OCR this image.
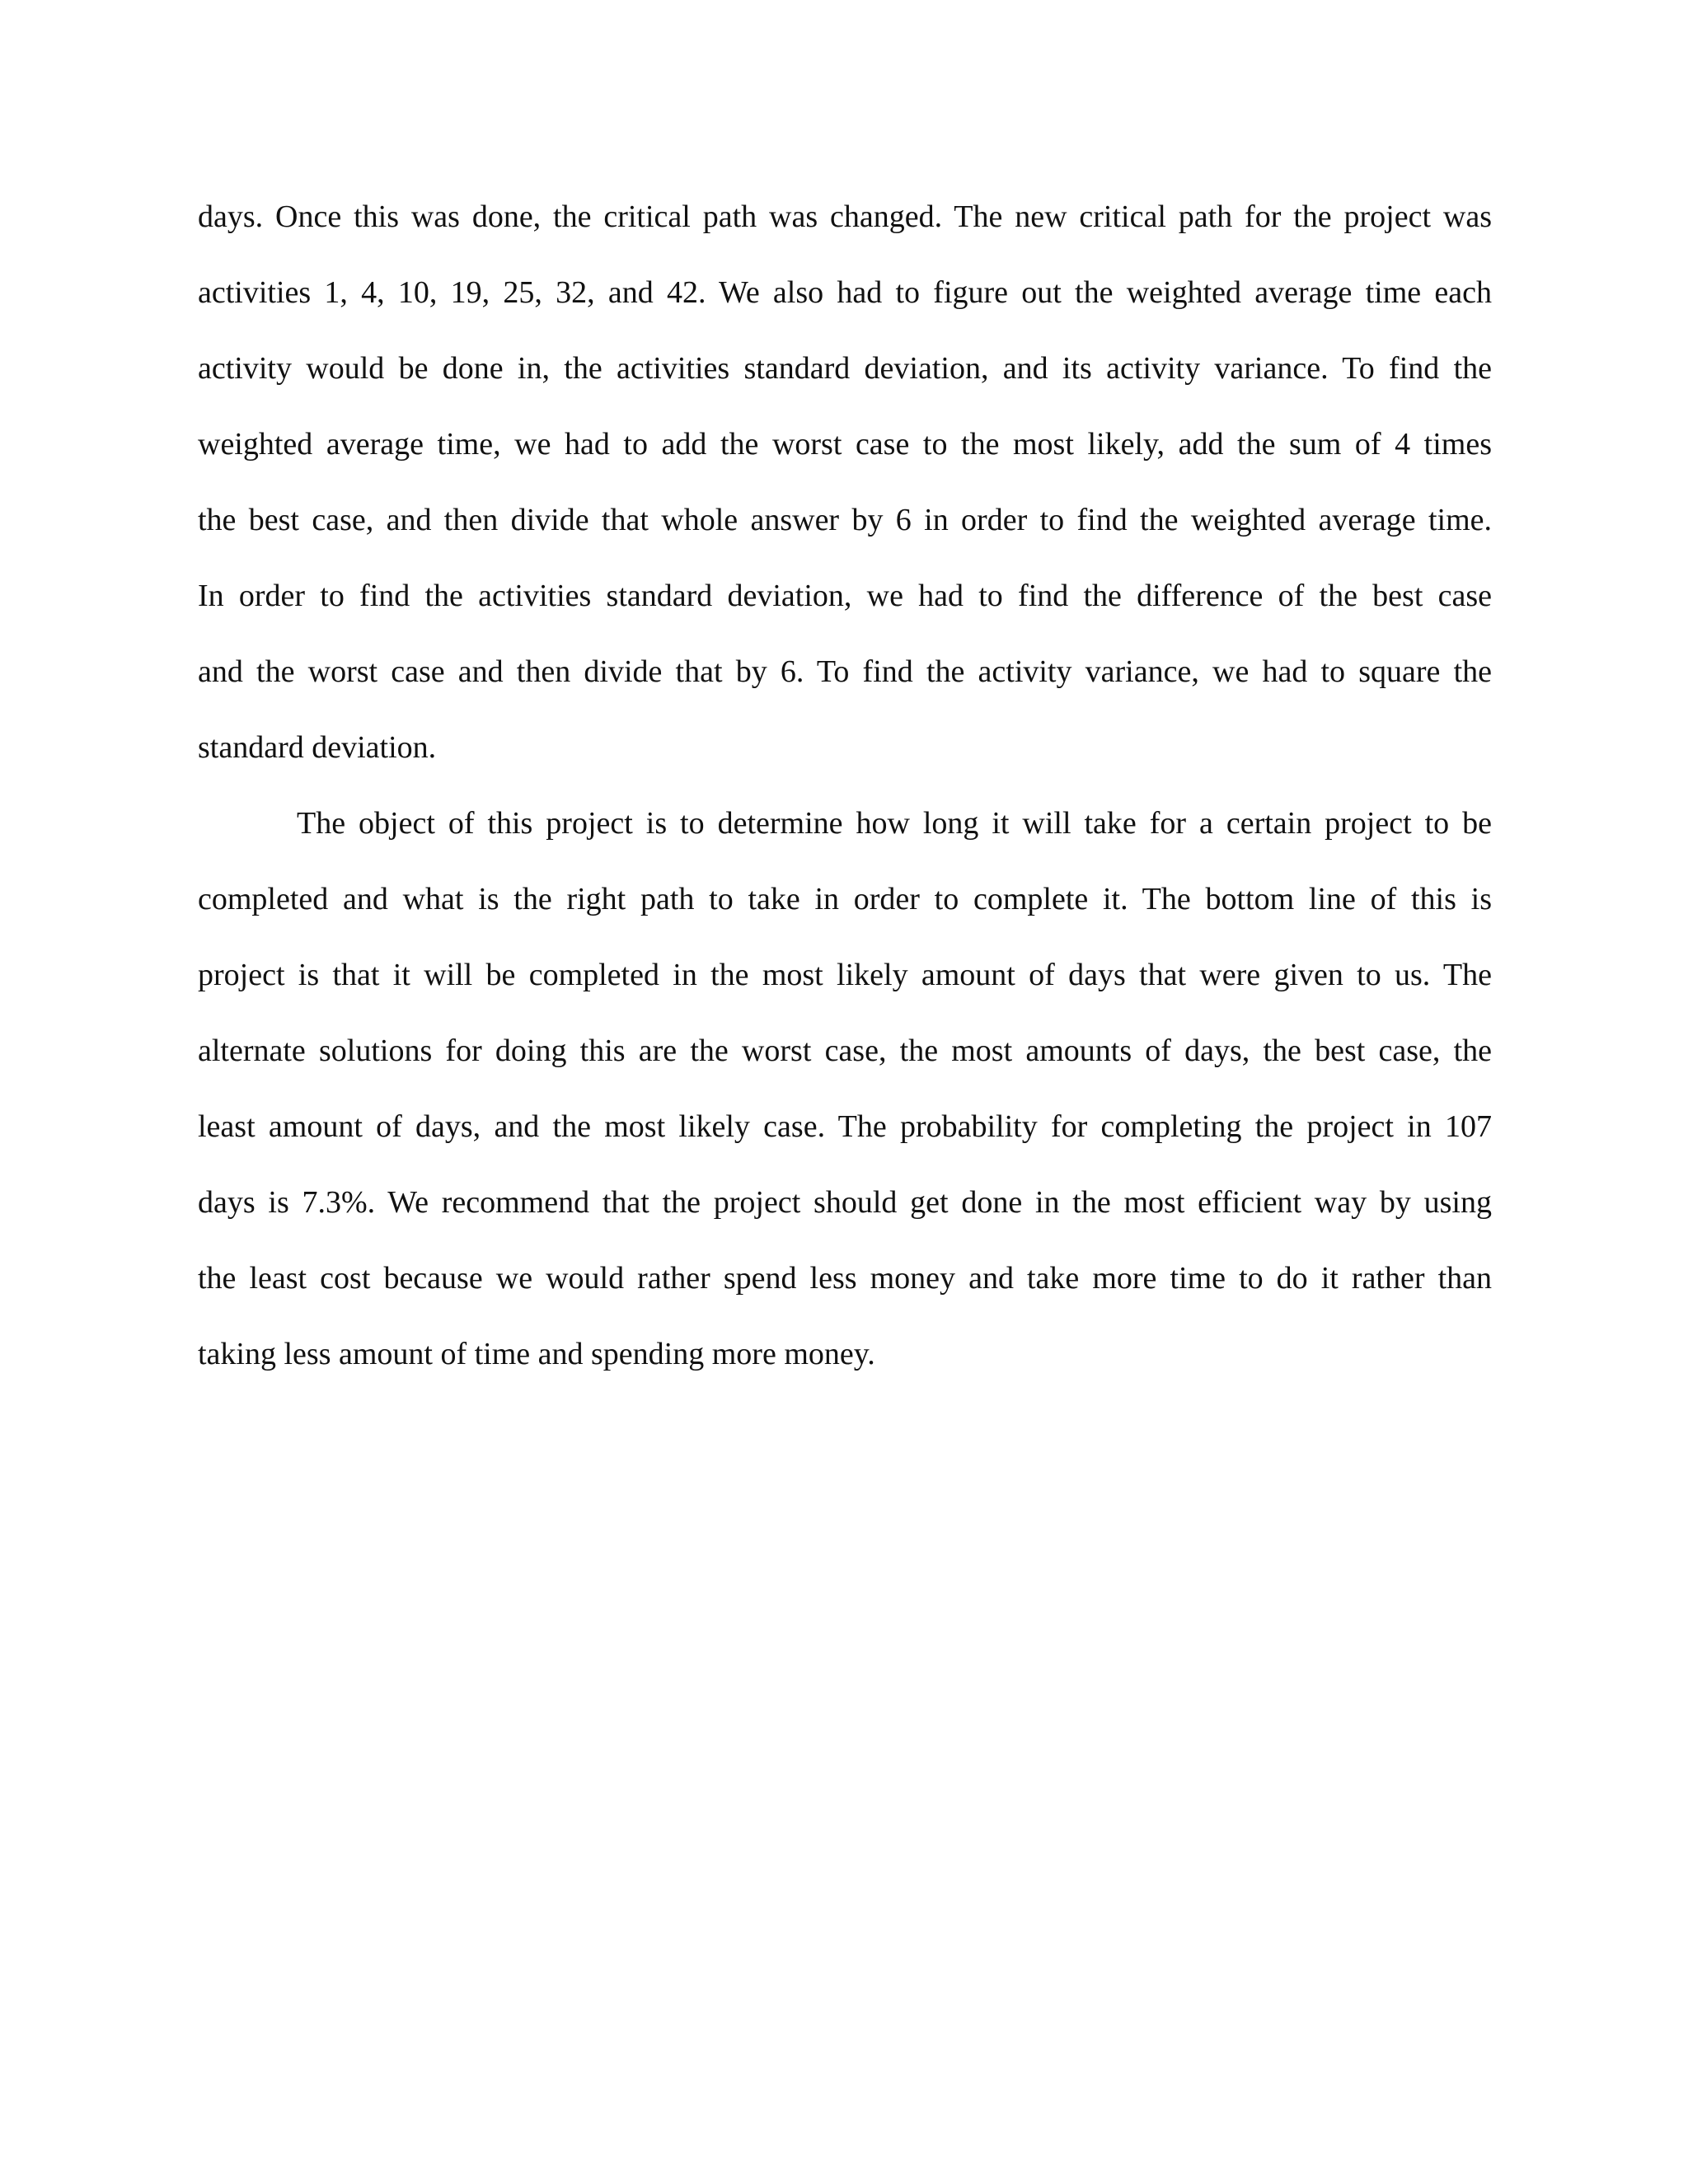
days. Once this was done, the critical path was changed. The new critical path for the project was
activities 1, 4, 10, 19, 25, 32, and 42. We also had to figure out the weighted average time each
activity would be done in, the activities standard deviation, and its activity variance. To find the
weighted average time, we had to add the worst case to the most likely, add the sum of 4 times
the best case, and then divide that whole answer by 6 in order to find the weighted average time.
In order to find the activities standard deviation, we had to find the difference of the best case
and the worst case and then divide that by 6. To find the activity variance, we had to square the
standard deviation.
The object of this project is to determine how long it will take for a certain project to be
completed and what is the right path to take in order to complete it. The bottom line of this is
project is that it will be completed in the most likely amount of days that were given to us. The
alternate solutions for doing this are the worst case, the most amounts of days, the best case, the
least amount of days, and the most likely case. The probability for completing the project in 107
days is 7.3%. We recommend that the project should get done in the most efficient way by using
the least cost because we would rather spend less money and take more time to do it rather than
taking less amount of time and spending more money.
